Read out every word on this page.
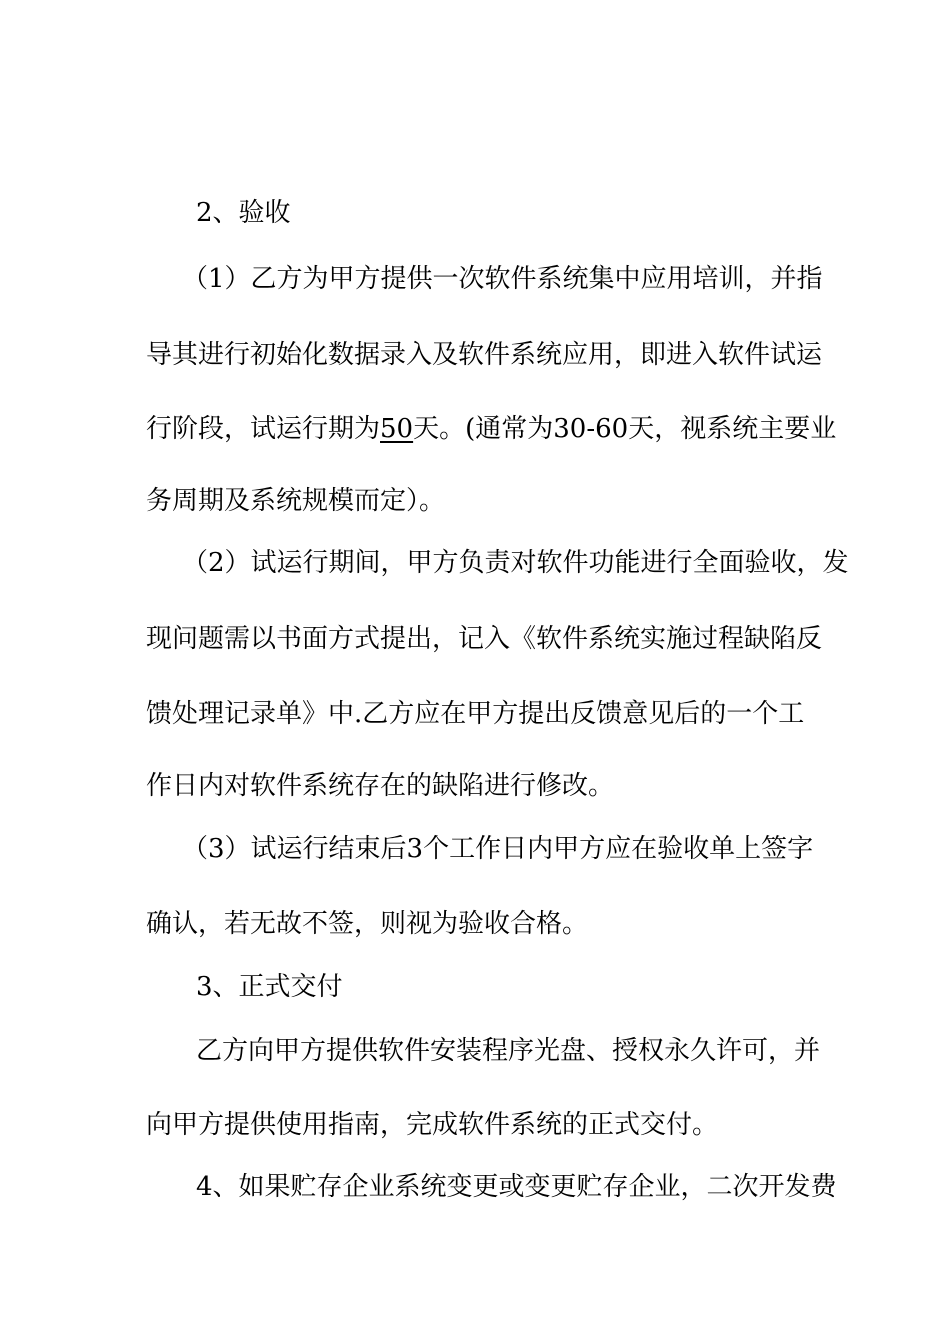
2、验收
（1）乙方为甲方提供一次软件系统集中应用培训，并指
导其进行初始化数据录入及软件系统应用，即进入软件试运
行阶段，试运行期为50天。(通常为30-60天，视系统主要业
务周期及系统规模而定）。
（2）试运行期间，甲方负责对软件功能进行全面验收，发
现问题需以书面方式提出，记入《软件系统实施过程缺陷反
馈处理记录单》中.乙方应在甲方提出反馈意见后的一个工
作日内对软件系统存在的缺陷进行修改。
（3）试运行结束后3个工作日内甲方应在验收单上签字
确认，若无故不签，则视为验收合格。
3、正式交付
乙方向甲方提供软件安装程序光盘、授权永久许可，并
向甲方提供使用指南，完成软件系统的正式交付。
4、如果贮存企业系统变更或变更贮存企业，二次开发费
